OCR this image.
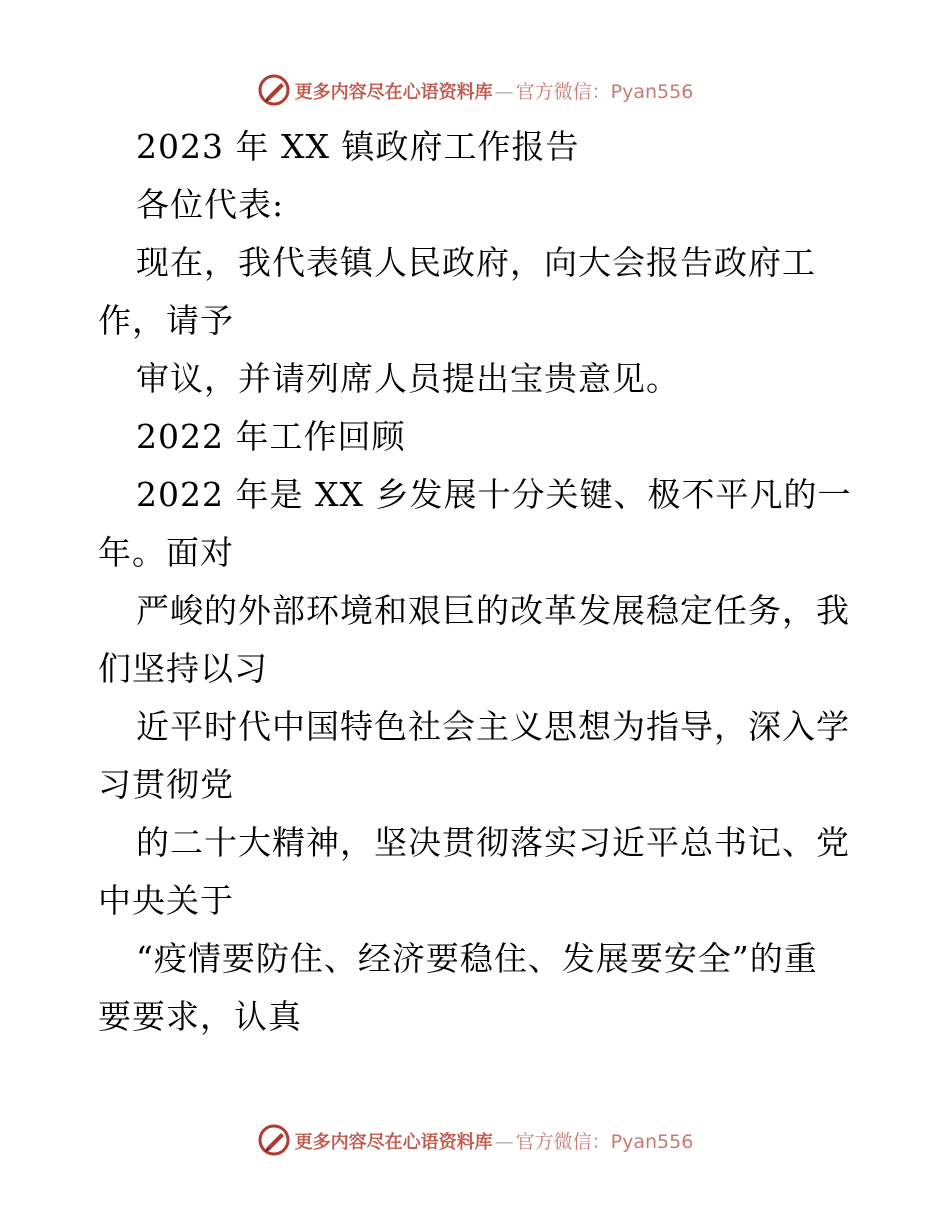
更多内容尽在心语资料库 — 官方微信：Pyan556
2023 年 XX 镇政府工作报告
各位代表:
现在，我代表镇人民政府，向大会报告政府工
作，请予
审议，并请列席人员提出宝贵意见。
2022 年工作回顾
2022 年是 XX 乡发展十分关键、极不平凡的一
年。面对
严峻的外部环境和艰巨的改革发展稳定任务，我
们坚持以习
近平时代中国特色社会主义思想为指导，深入学
习贯彻党
的二十大精神，坚决贯彻落实习近平总书记、党
中央关于
“疫情要防住、经济要稳住、发展要安全”的重
要要求，认真
更多内容尽在心语资料库 — 官方微信：Pyan556
